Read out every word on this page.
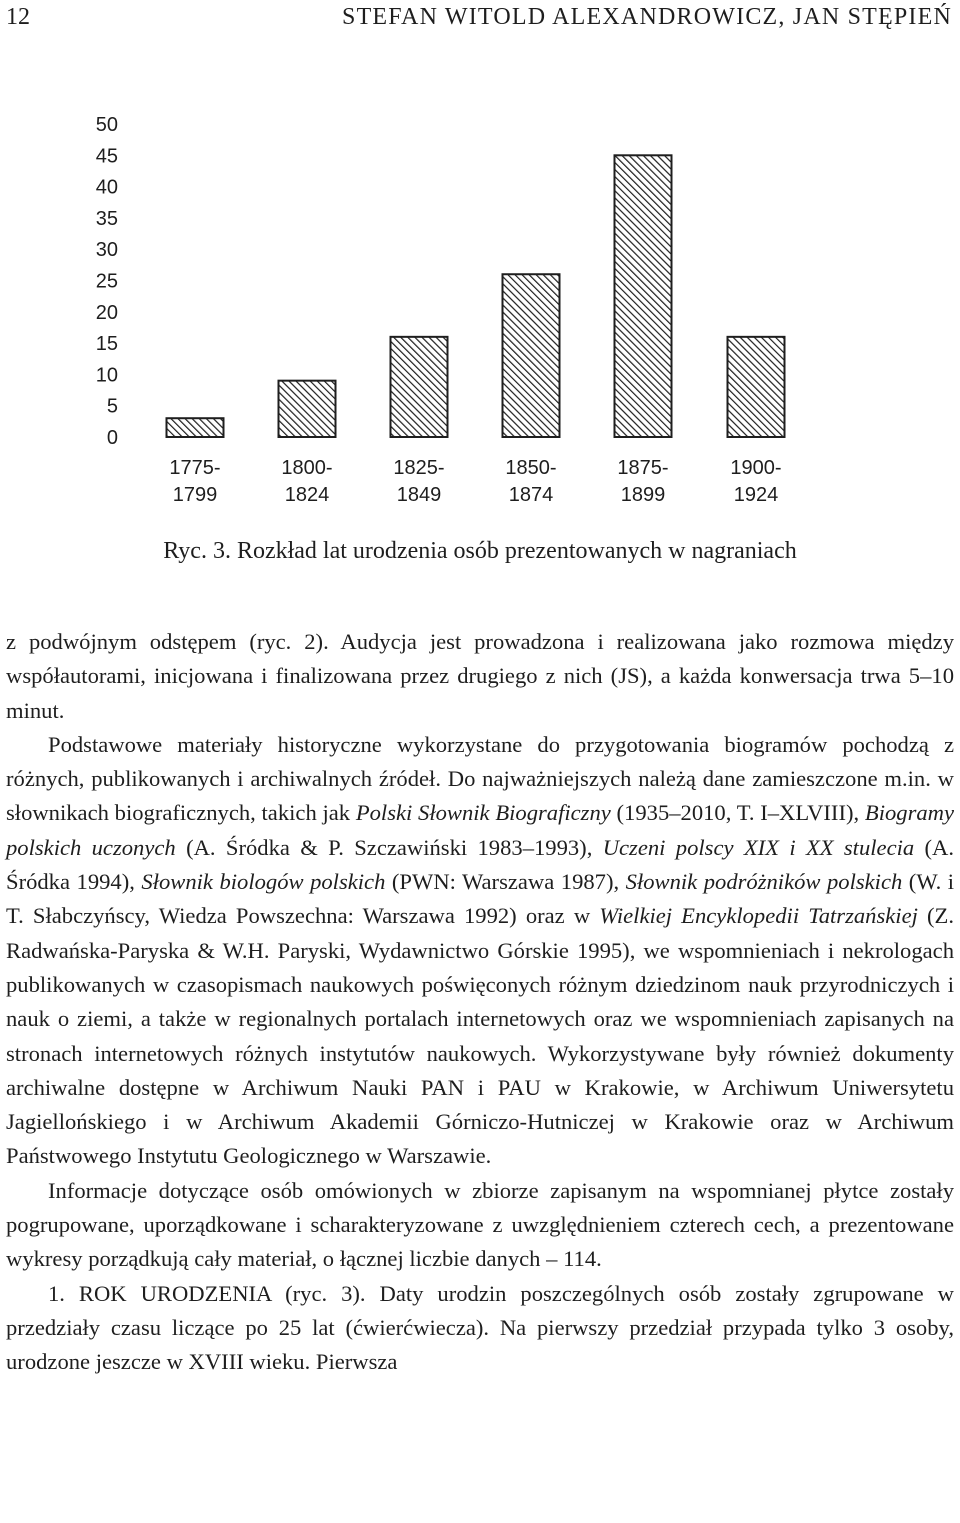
12	STEFAN WITOLD ALEXANDROWICZ, JAN STĘPIEŃ
0
5
10
15
20
25
30
35
40
45
50
1775-1799
1800-1824
1825-1849
1850-1874
1875-1899
1900-1924
Ryc. 3. Rozkład lat urodzenia osób prezentowanych w nagraniach

z podwójnym odstępem (ryc. 2). Audycja jest prowadzona i realizowana jako rozmowa między współautorami, inicjowana i finalizowana przez drugiego z nich (JS), a każda konwersacja trwa 5–10 minut.

Podstawowe materiały historyczne wykorzystane do przygotowania biogramów pochodzą z różnych, publikowanych i archiwalnych źródeł. Do najważniejszych należą dane zamieszczone m.in. w słownikach biograficznych, takich jak Polski Słownik Biograficzny (1935–2010, T. I–XLVIII), Biogramy polskich uczonych (A. Śródka & P. Szczawiński 1983–1993), Uczeni polscy XIX i XX stulecia (A. Śródka 1994), Słownik biologów polskich (PWN: Warszawa 1987), Słownik podróżników polskich (W. i T. Słabczyńscy, Wiedza Powszechna: Warszawa 1992) oraz w Wielkiej Encyklopedii Tatrzańskiej (Z. Radwańska-Paryska & W.H. Paryski, Wydawnictwo Górskie 1995), we wspomnieniach i nekrologach publikowanych w czasopismach naukowych poświęconych różnym dziedzinom nauk przyrodniczych i nauk o ziemi, a także w regionalnych portalach internetowych oraz we wspomnieniach zapisanych na stronach internetowych różnych instytutów naukowych. Wykorzystywane były również dokumenty archiwalne dostępne w Archiwum Nauki PAN i PAU w Krakowie, w Archiwum Uniwersytetu Jagiellońskiego i w Archiwum Akademii Górniczo-Hutniczej w Krakowie oraz w Archiwum Państwowego Instytutu Geologicznego w Warszawie.

Informacje dotyczące osób omówionych w zbiorze zapisanym na wspomnianej płytce zostały pogrupowane, uporządkowane i scharakteryzowane z uwzględnieniem czterech cech, a prezentowane wykresy porządkują cały materiał, o łącznej liczbie danych – 114.

1. ROK URODZENIA (ryc. 3). Daty urodzin poszczególnych osób zostały zgrupowane w przedziały czasu liczące po 25 lat (ćwierćwiecza). Na pierwszy przedział przypada tylko 3 osoby, urodzone jeszcze w XVIII wieku. Pierwsza
